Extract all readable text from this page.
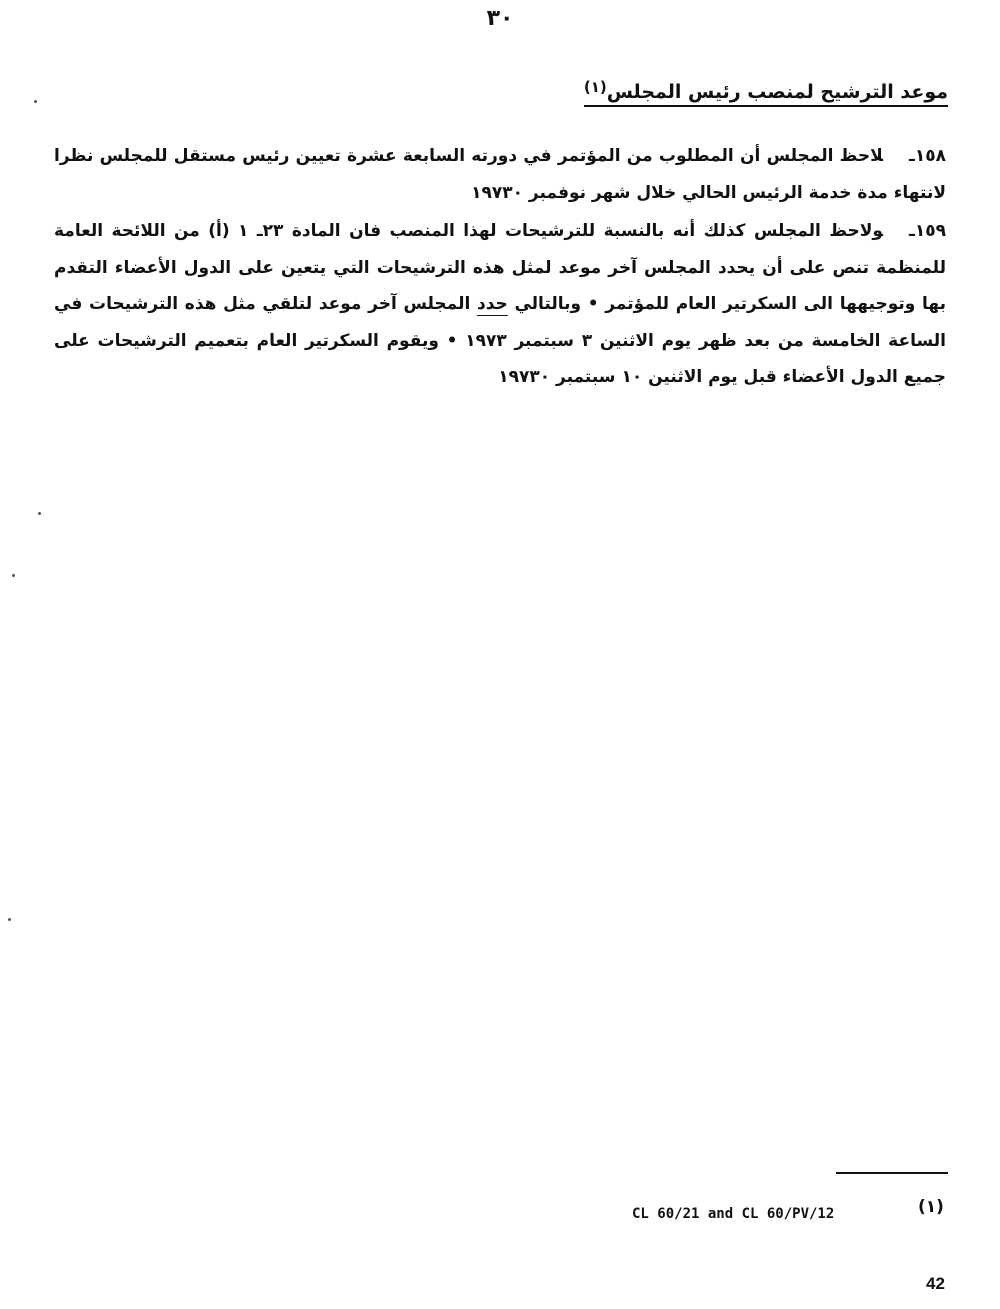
٣٠
موعد الترشيح لمنصب رئيس المجلس$^{(١)}$

١٥٨ـلاحظ المجلس أن المطلوب من المؤتمر في دورته السابعة عشرة تعيين رئيس مستقل للمجلس نظرا لانتهاء مدة خدمة الرئيس الحالي خلال شهر نوفمبر ١٩٧٣٠

١٥٩ـولاحظ المجلس كذلك أنه بالنسبة للترشيحات لهذا المنصب فان المادة ٢٣ـ ١ (أ) من اللائحة العامة للمنظمة تنص على أن يحدد المجلس آخر موعد لمثل هذه الترشيحات التي يتعين على الدول الأعضاء التقدم بها وتوجيهها الى السكرتير العام للمؤتمر • وبالتالي حدد المجلس آخر موعد لتلقي مثل هذه الترشيحات في الساعة الخامسة من بعد ظهر يوم الاثنين ٣ سبتمبر ١٩٧٣ • ويقوم السكرتير العام بتعميم الترشيحات على جميع الدول الأعضاء قبل يوم الاثنين ١٠ سبتمبر ١٩٧٣٠

(١)
CL 60/21 and CL 60/PV/12
42
